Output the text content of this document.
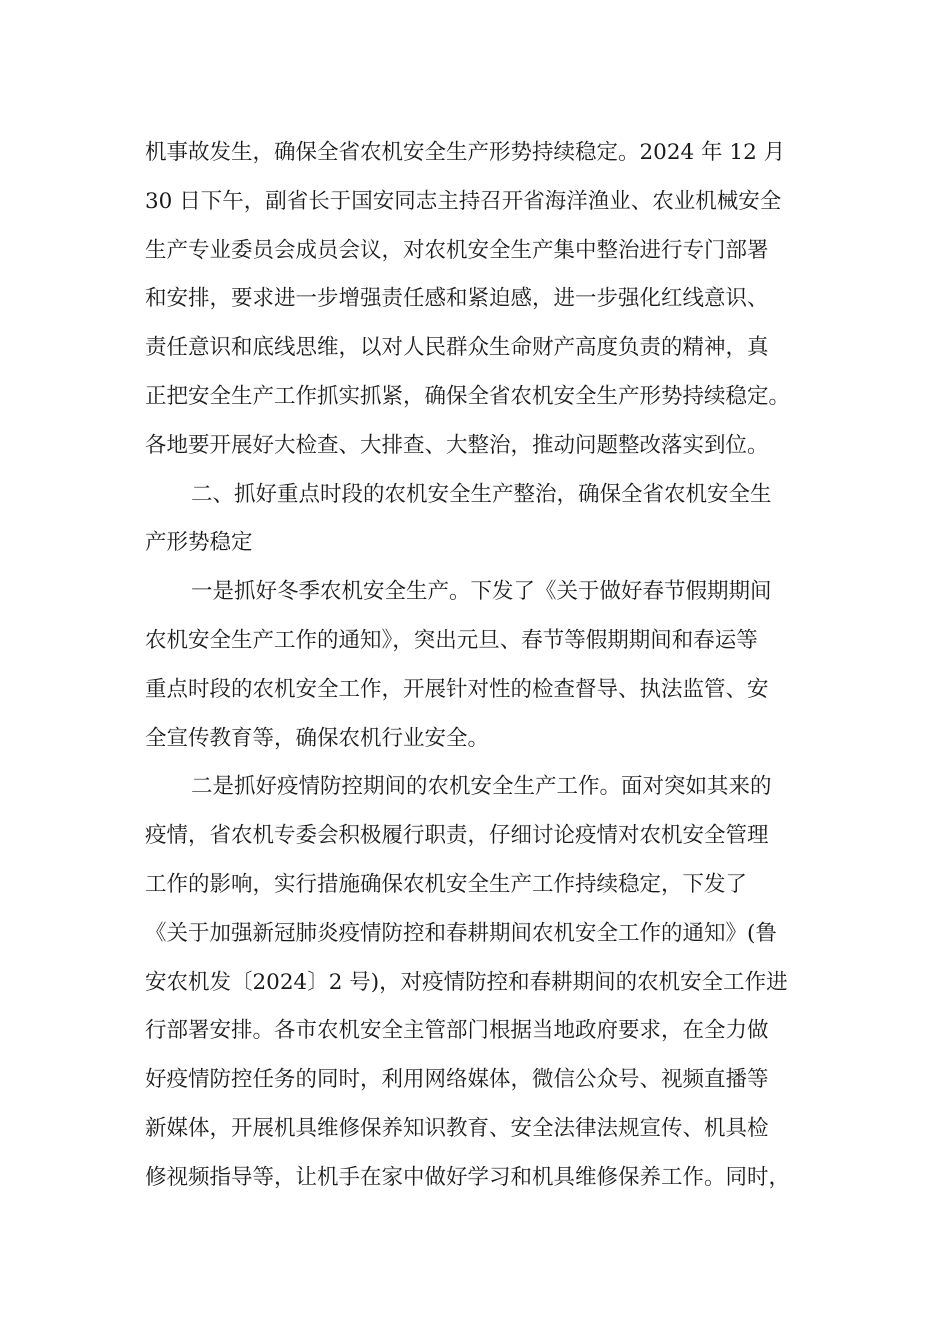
机事故发生，确保全省农机安全生产形势持续稳定。2024 年 12 月
30 日下午，副省长于国安同志主持召开省海洋渔业、农业机械安全
生产专业委员会成员会议，对农机安全生产集中整治进行专门部署
和安排，要求进一步增强责任感和紧迫感，进一步强化红线意识、
责任意识和底线思维，以对人民群众生命财产高度负责的精神，真
正把安全生产工作抓实抓紧，确保全省农机安全生产形势持续稳定。
各地要开展好大检查、大排查、大整治，推动问题整改落实到位。
二、抓好重点时段的农机安全生产整治，确保全省农机安全生
产形势稳定
一是抓好冬季农机安全生产。下发了《关于做好春节假期期间
农机安全生产工作的通知》，突出元旦、春节等假期期间和春运等
重点时段的农机安全工作，开展针对性的检查督导、执法监管、安
全宣传教育等，确保农机行业安全。
二是抓好疫情防控期间的农机安全生产工作。面对突如其来的
疫情，省农机专委会积极履行职责，仔细讨论疫情对农机安全管理
工作的影响，实行措施确保农机安全生产工作持续稳定，下发了
《关于加强新冠肺炎疫情防控和春耕期间农机安全工作的通知》(鲁
安农机发〔2024〕2 号)，对疫情防控和春耕期间的农机安全工作进
行部署安排。各市农机安全主管部门根据当地政府要求，在全力做
好疫情防控任务的同时，利用网络媒体，微信公众号、视频直播等
新媒体，开展机具维修保养知识教育、安全法律法规宣传、机具检
修视频指导等，让机手在家中做好学习和机具维修保养工作。同时，
